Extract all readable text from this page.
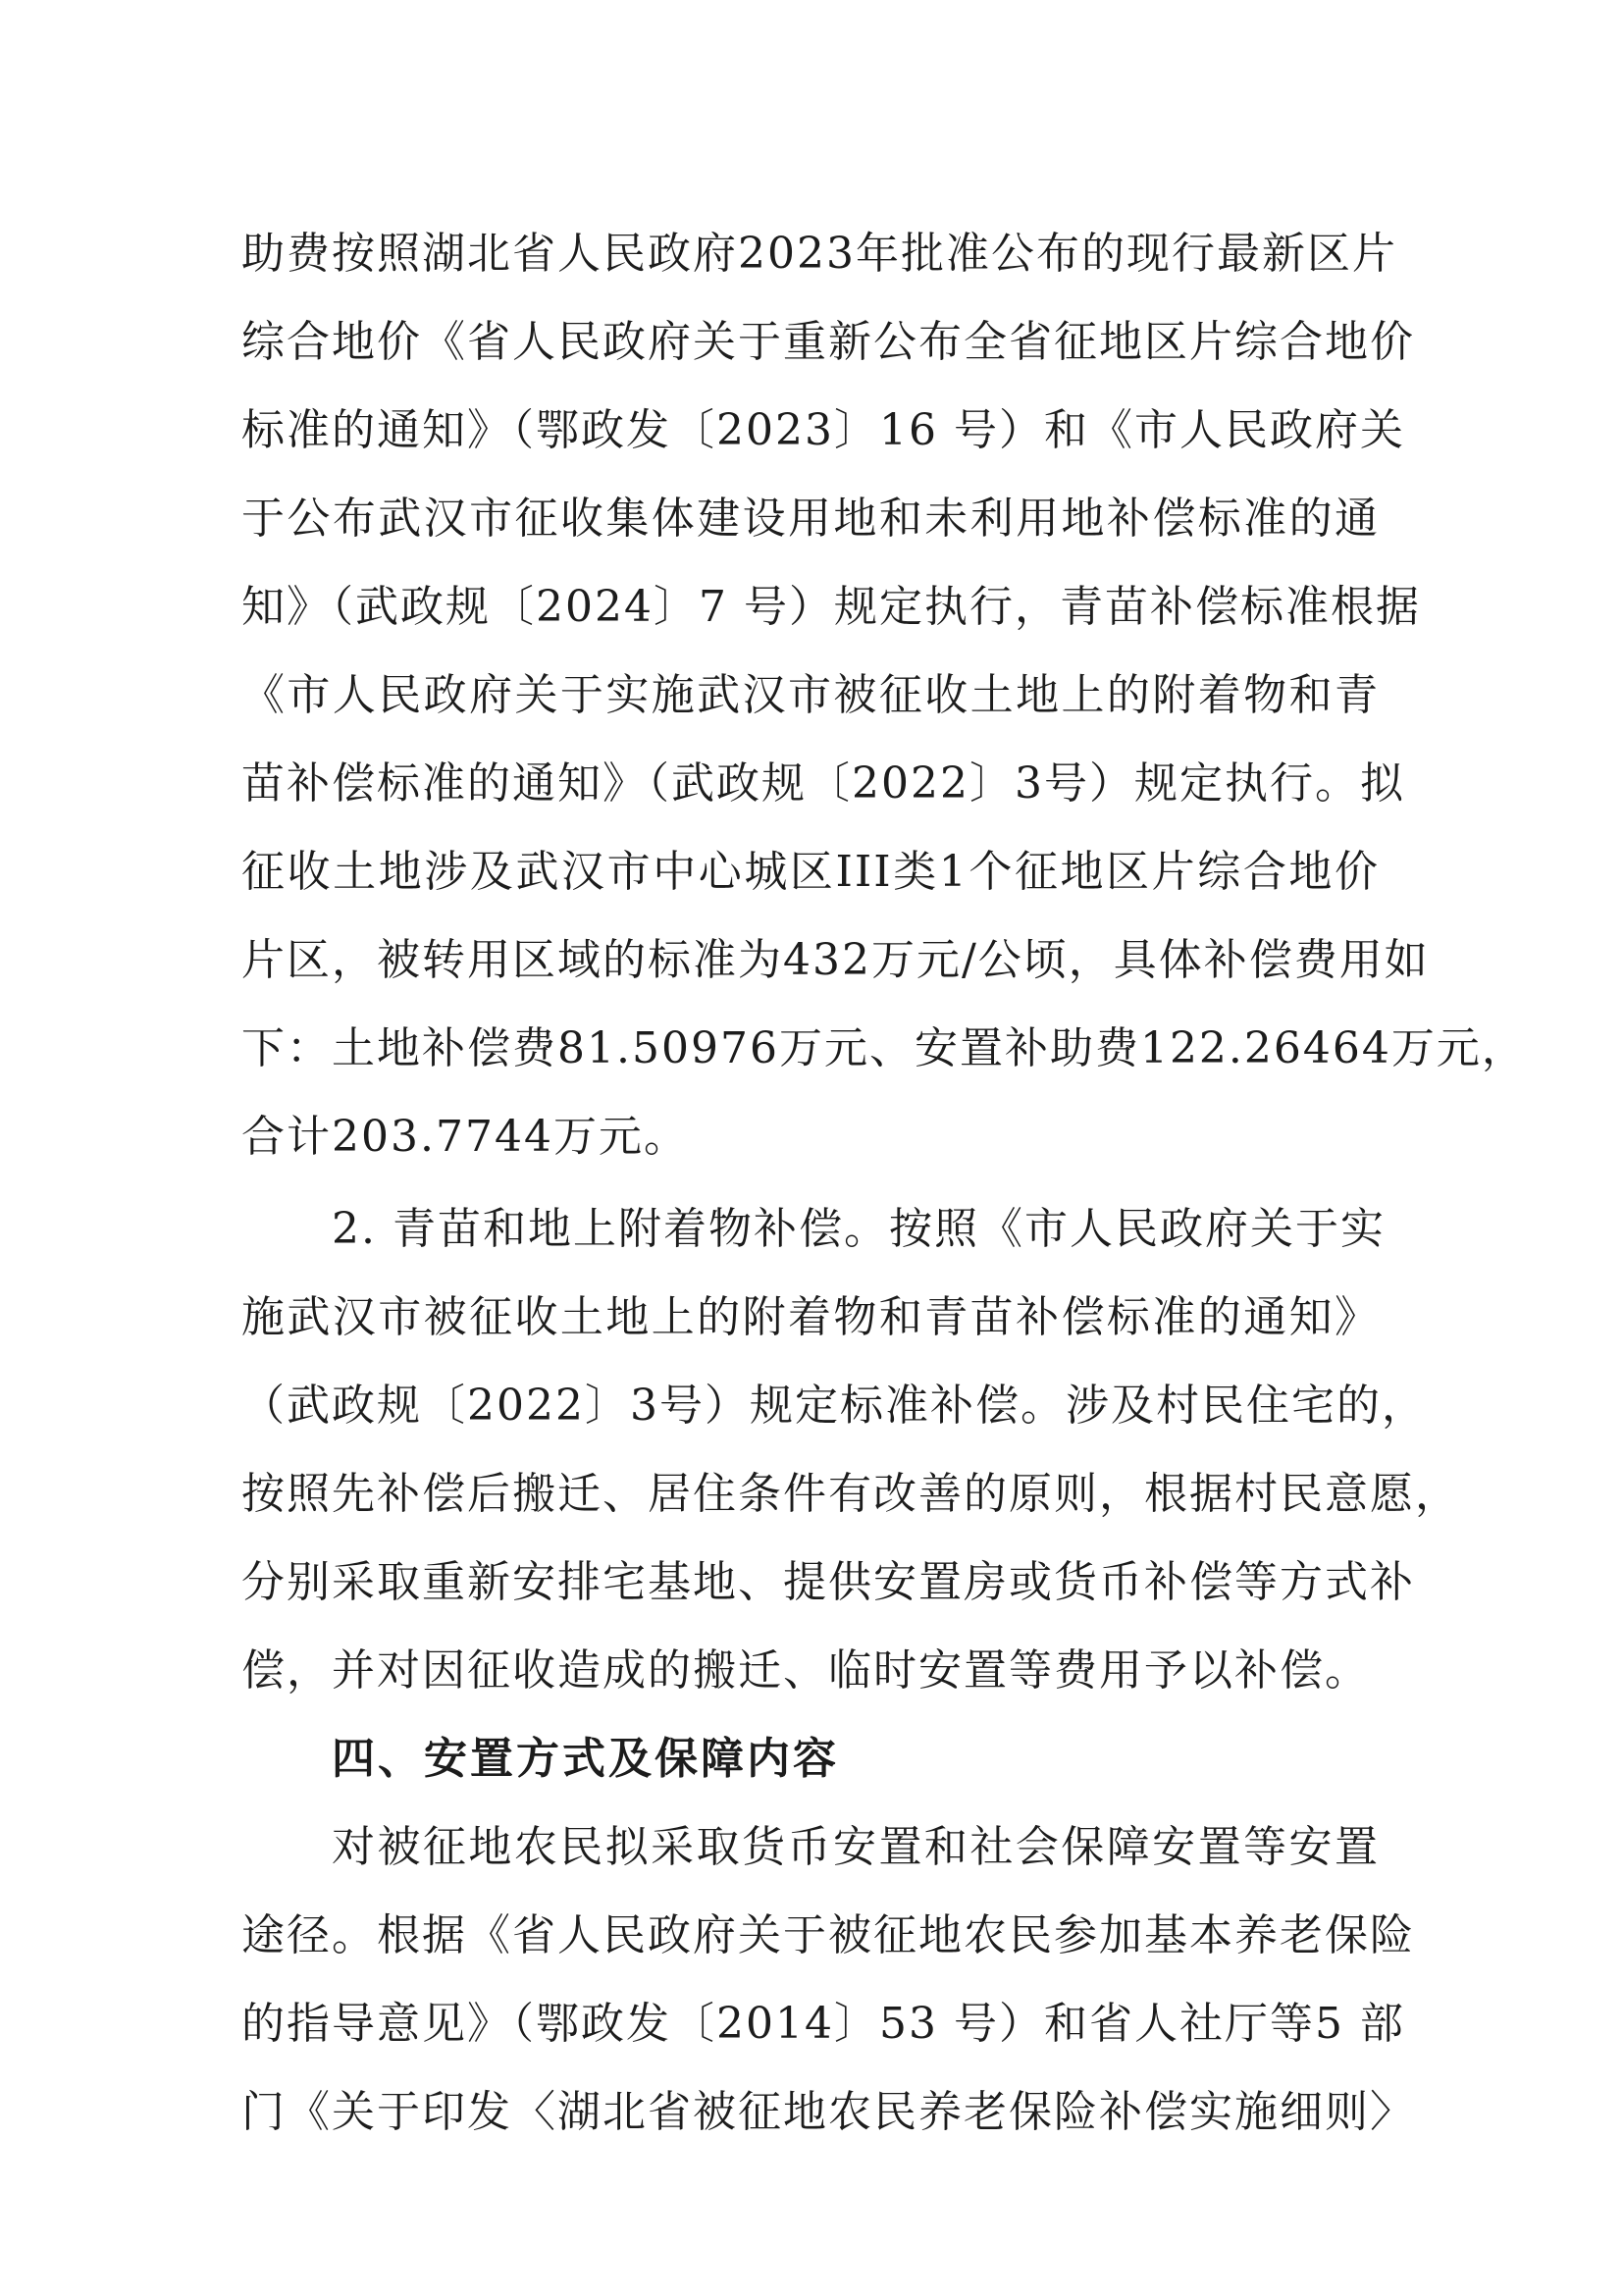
助费按照湖北省人民政府2023年批准公布的现行最新区片
综合地价《省人民政府关于重新公布全省征地区片综合地价
标准的通知》（鄂政发〔2023〕16 号）和《市人民政府关
于公布武汉市征收集体建设用地和未利用地补偿标准的通
知》（武政规〔2024〕7 号）规定执行，青苗补偿标准根据
《市人民政府关于实施武汉市被征收土地上的附着物和青
苗补偿标准的通知》（武政规〔2022〕3号）规定执行。拟
征收土地涉及武汉市中心城区III类1个征地区片综合地价
片区，被转用区域的标准为432万元/公顷，具体补偿费用如
下：土地补偿费81.50976万元、安置补助费122.26464万元，
合计203.7744万元。
2. 青苗和地上附着物补偿。按照《市人民政府关于实
施武汉市被征收土地上的附着物和青苗补偿标准的通知》
（武政规〔2022〕3号）规定标准补偿。涉及村民住宅的，
按照先补偿后搬迁、居住条件有改善的原则，根据村民意愿，
分别采取重新安排宅基地、提供安置房或货币补偿等方式补
偿，并对因征收造成的搬迁、临时安置等费用予以补偿。
四、安置方式及保障内容
对被征地农民拟采取货币安置和社会保障安置等安置
途径。根据《省人民政府关于被征地农民参加基本养老保险
的指导意见》（鄂政发〔2014〕53 号）和省人社厅等5 部
门《关于印发〈湖北省被征地农民养老保险补偿实施细则〉
